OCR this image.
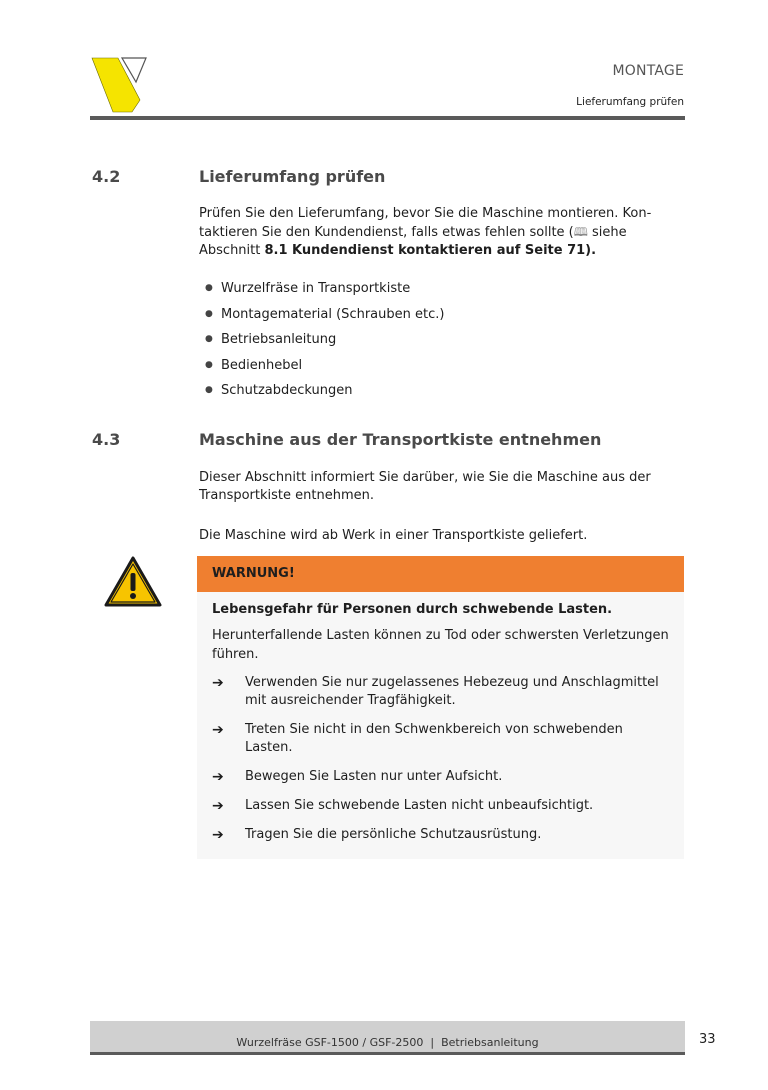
MONTAGE
Lieferumfang prüfen
4.2	Lieferumfang prüfen
Prüfen Sie den Lieferumfang, bevor Sie die Maschine montieren. Kontaktieren Sie den Kundendienst, falls etwas fehlen sollte (🕮 siehe Abschnitt 8.1 Kundendienst kontaktieren auf Seite 71).
● Wurzelfräse in Transportkiste
● Montagematerial (Schrauben etc.)
● Betriebsanleitung
● Bedienhebel
● Schutzabdeckungen
4.3	Maschine aus der Transportkiste entnehmen
Dieser Abschnitt informiert Sie darüber, wie Sie die Maschine aus der Transportkiste entnehmen.
Die Maschine wird ab Werk in einer Transportkiste geliefert.
WARNUNG!

Lebensgefahr für Personen durch schwebende Lasten.

Herunterfallende Lasten können zu Tod oder schwersten Verletzungen führen.

➔	Verwenden Sie nur zugelassenes Hebezeug und Anschlagmittel mit ausreichender Tragfähigkeit.
➔	Treten Sie nicht in den Schwenkbereich von schwebenden Lasten.
➔	Bewegen Sie Lasten nur unter Aufsicht.
➔	Lassen Sie schwebende Lasten nicht unbeaufsichtigt.
➔	Tragen Sie die persönliche Schutzausrüstung.
Wurzelfräse GSF-1500 / GSF-2500  |  Betriebsanleitung	33
